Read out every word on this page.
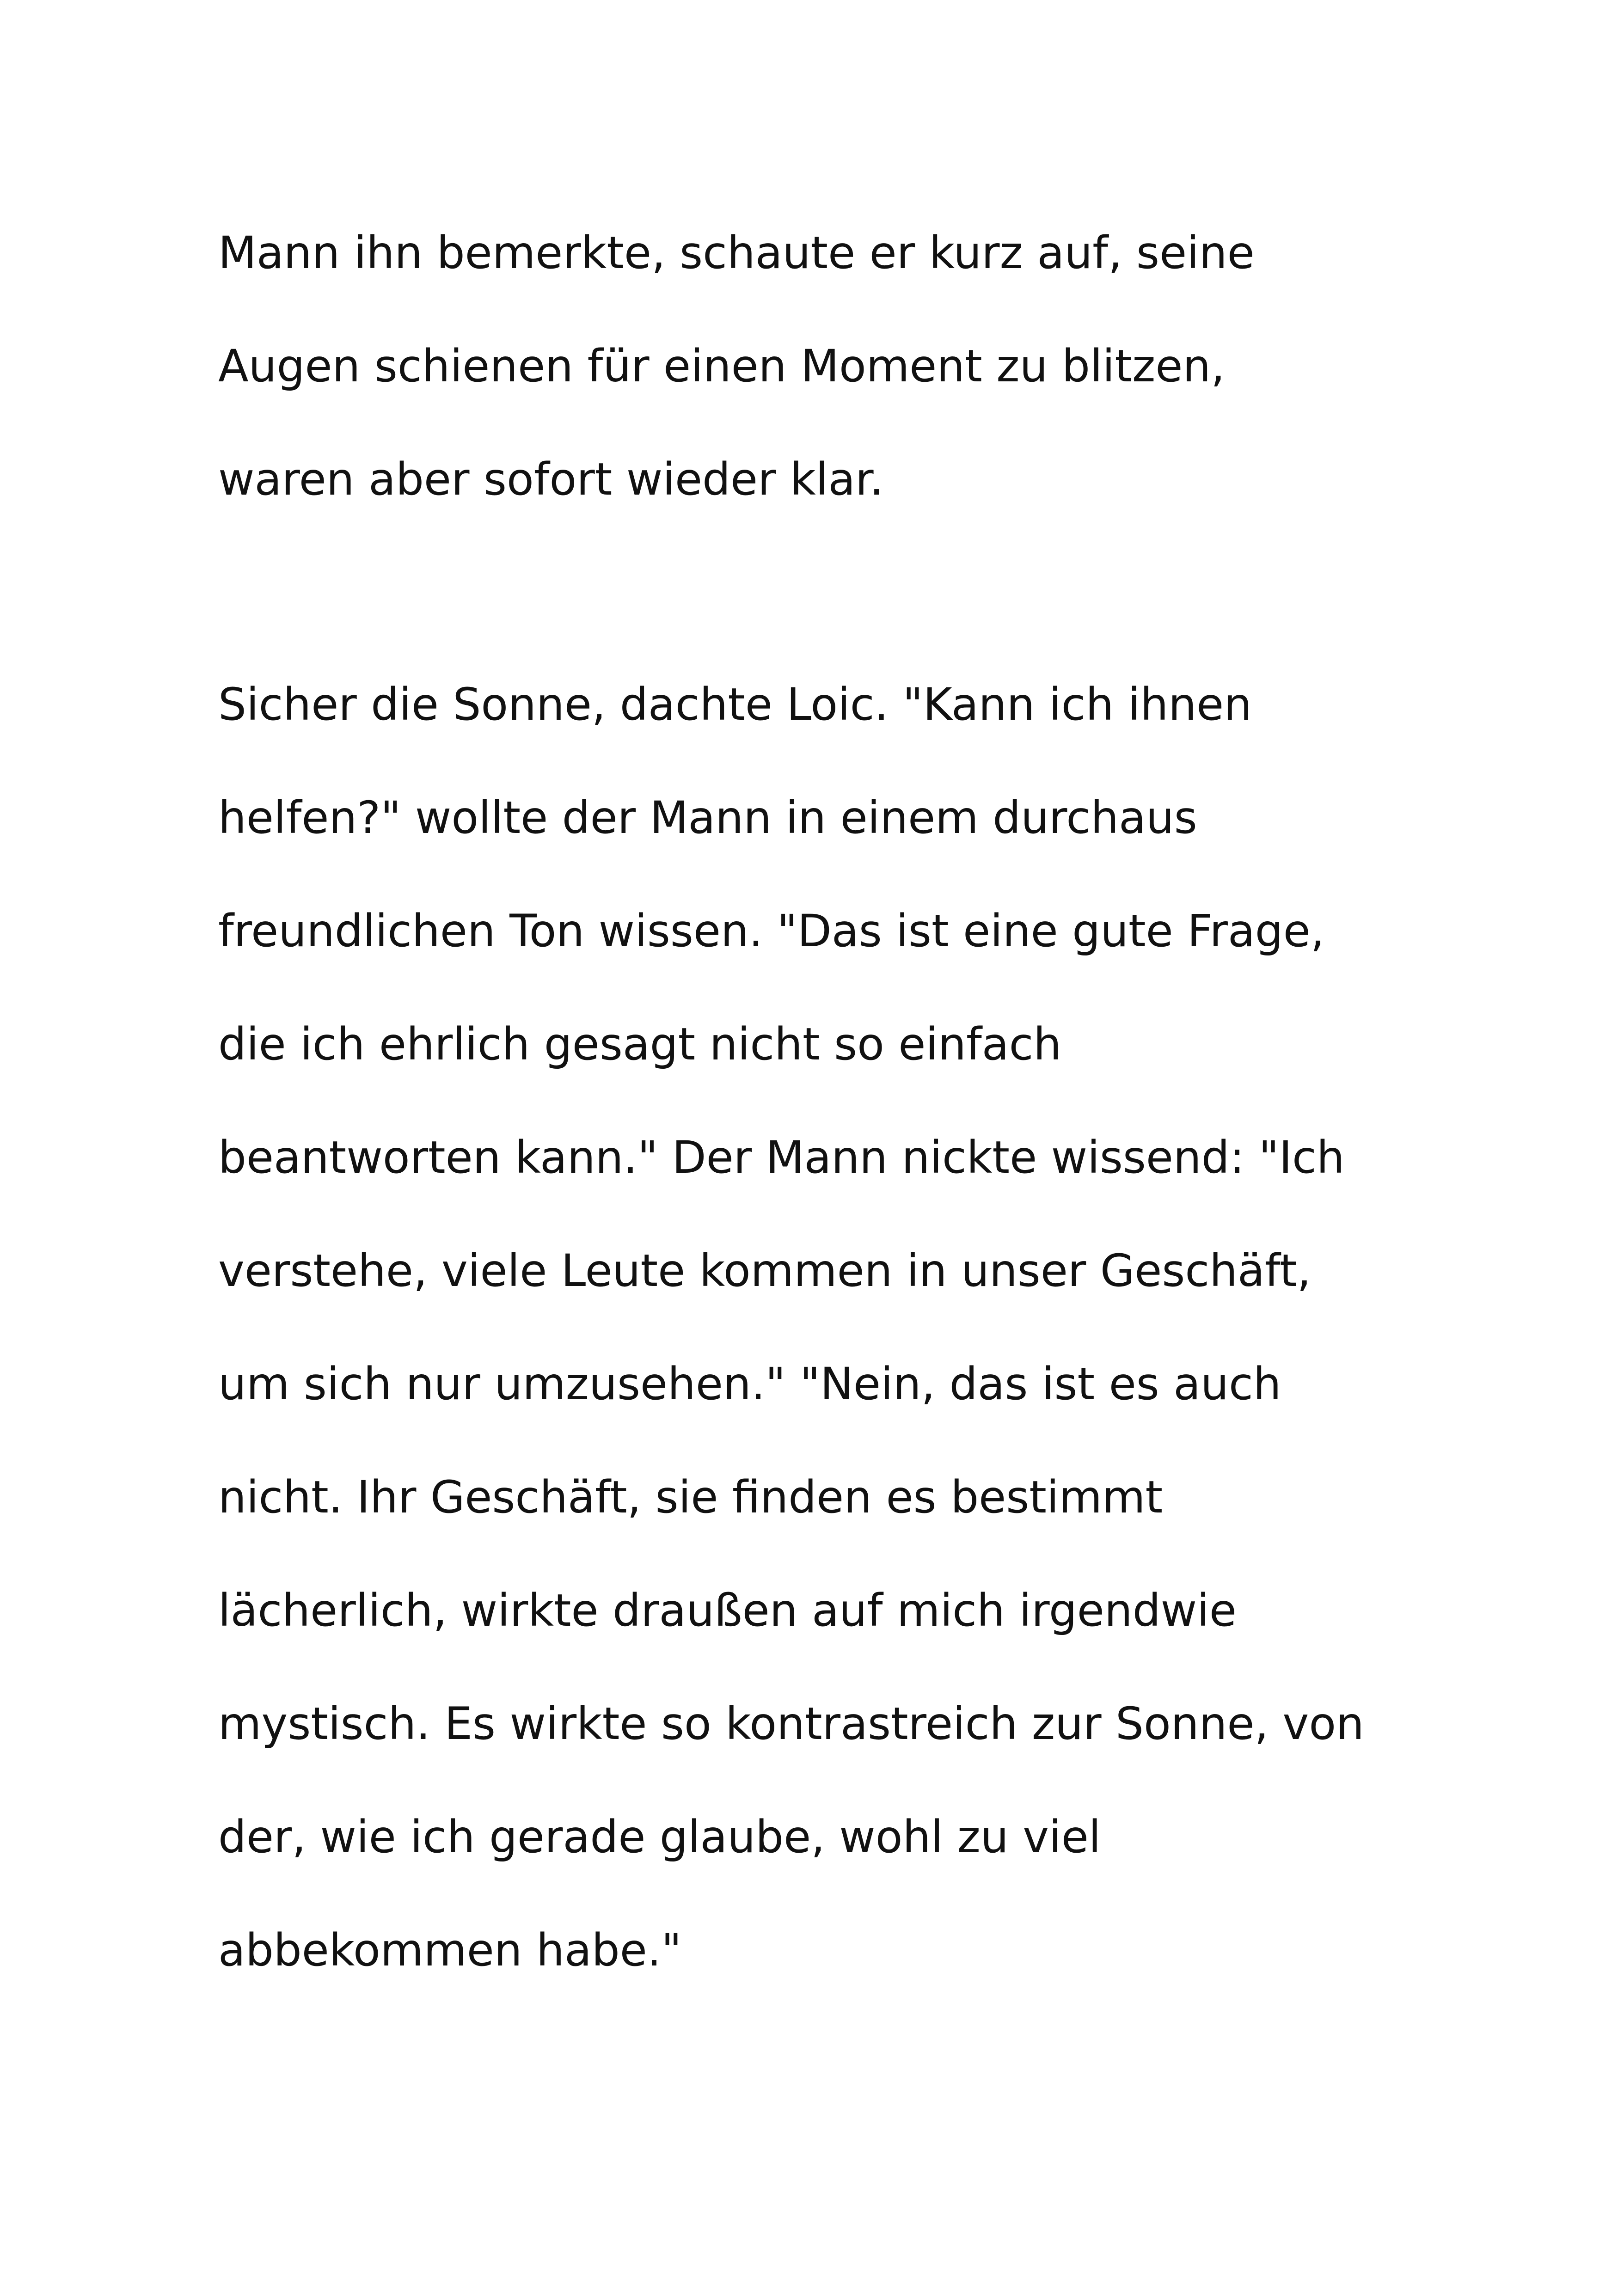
Mann ihn bemerkte, schaute er kurz auf, seine
Augen schienen für einen Moment zu blitzen,
waren aber sofort wieder klar.
Sicher die Sonne, dachte Loic. "Kann ich ihnen
helfen?" wollte der Mann in einem durchaus
freundlichen Ton wissen. "Das ist eine gute Frage,
die ich ehrlich gesagt nicht so einfach
beantworten kann." Der Mann nickte wissend: "Ich
verstehe, viele Leute kommen in unser Geschäft,
um sich nur umzusehen." "Nein, das ist es auch
nicht. Ihr Geschäft, sie finden es bestimmt
lächerlich, wirkte draußen auf mich irgendwie
mystisch. Es wirkte so kontrastreich zur Sonne, von
der, wie ich gerade glaube, wohl zu viel
abbekommen habe."
